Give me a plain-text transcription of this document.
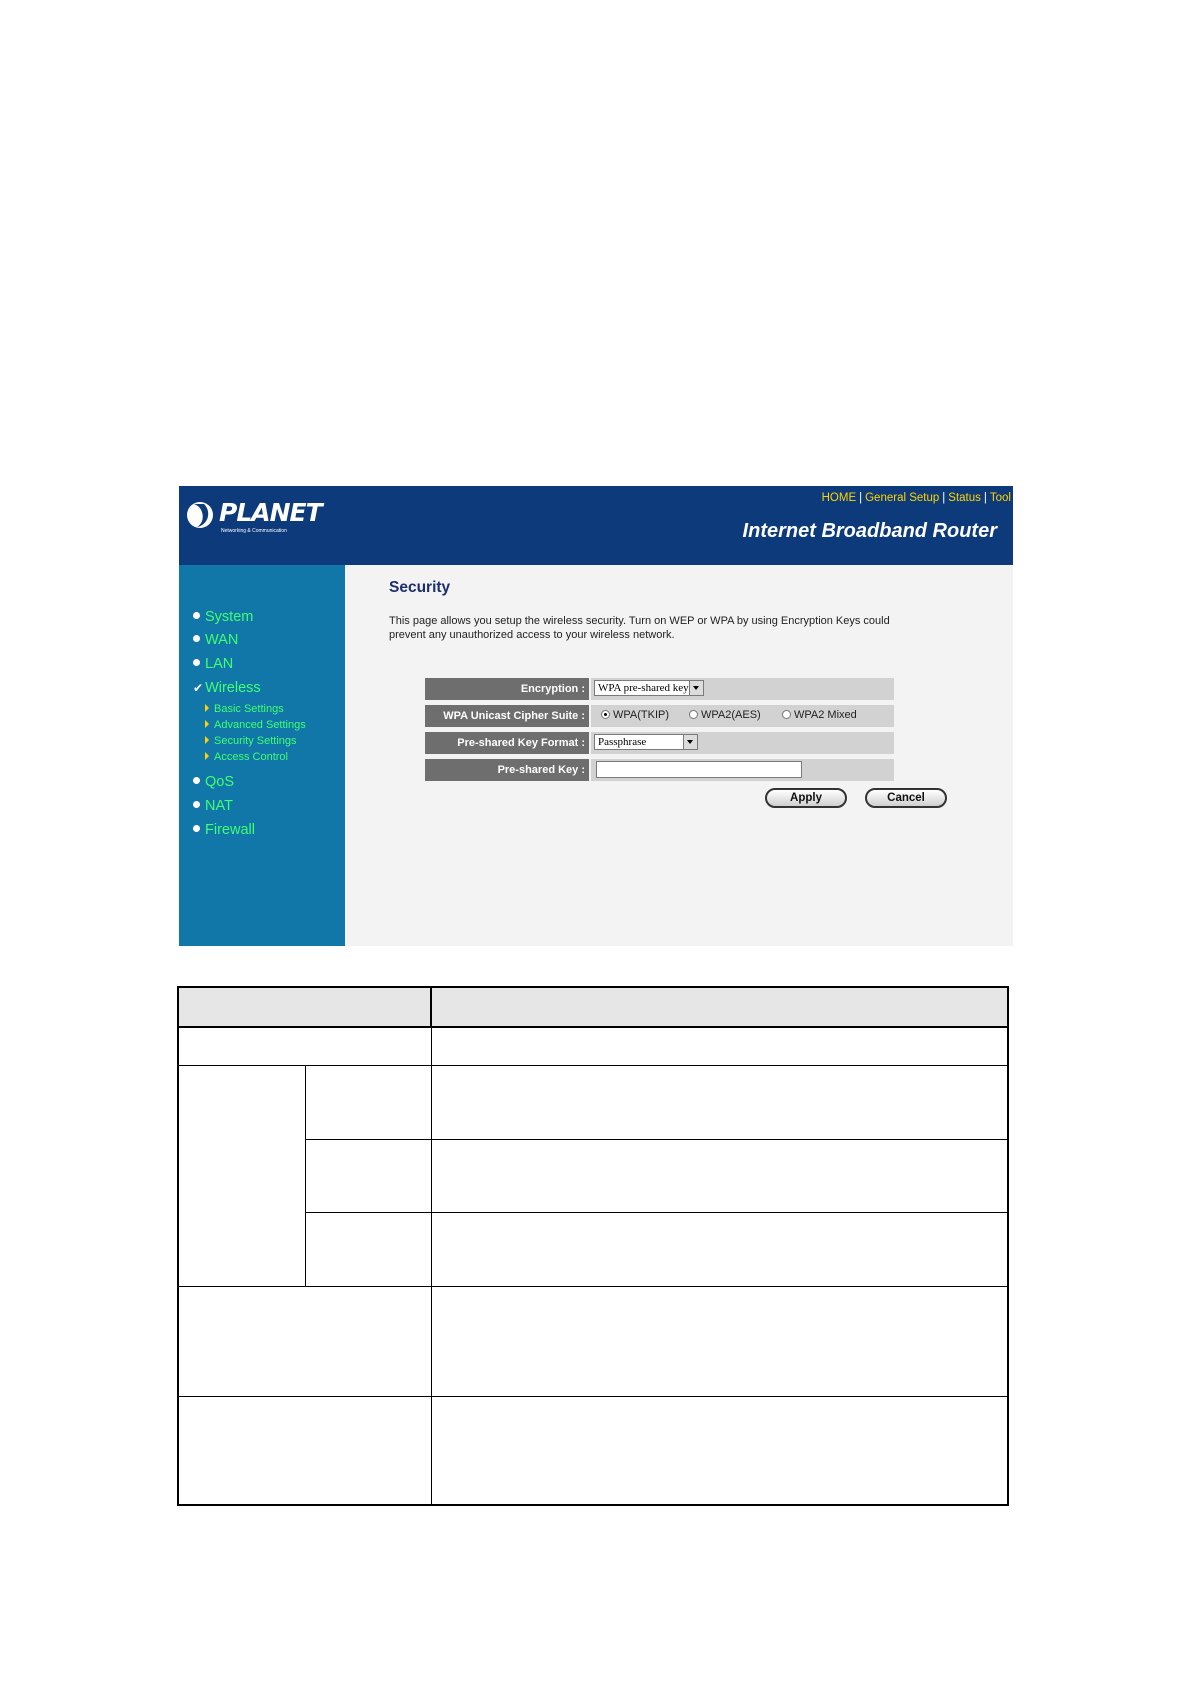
PLANET
Networking & Communication
HOME | General Setup | Status | Tool
Internet Broadband Router
System
WAN
LAN
✔ Wireless
Basic Settings
Advanced Settings
Security Settings
Access Control
QoS
NAT
Firewall
Security
This page allows you setup the wireless security. Turn on WEP or WPA by using Encryption Keys could prevent any unauthorized access to your wireless network.
Encryption :	WPA pre-shared key
WPA Unicast Cipher Suite :	WPA(TKIP)	WPA2(AES)	WPA2 Mixed
Pre-shared Key Format :	Passphrase
Pre-shared Key :
Apply	Cancel
